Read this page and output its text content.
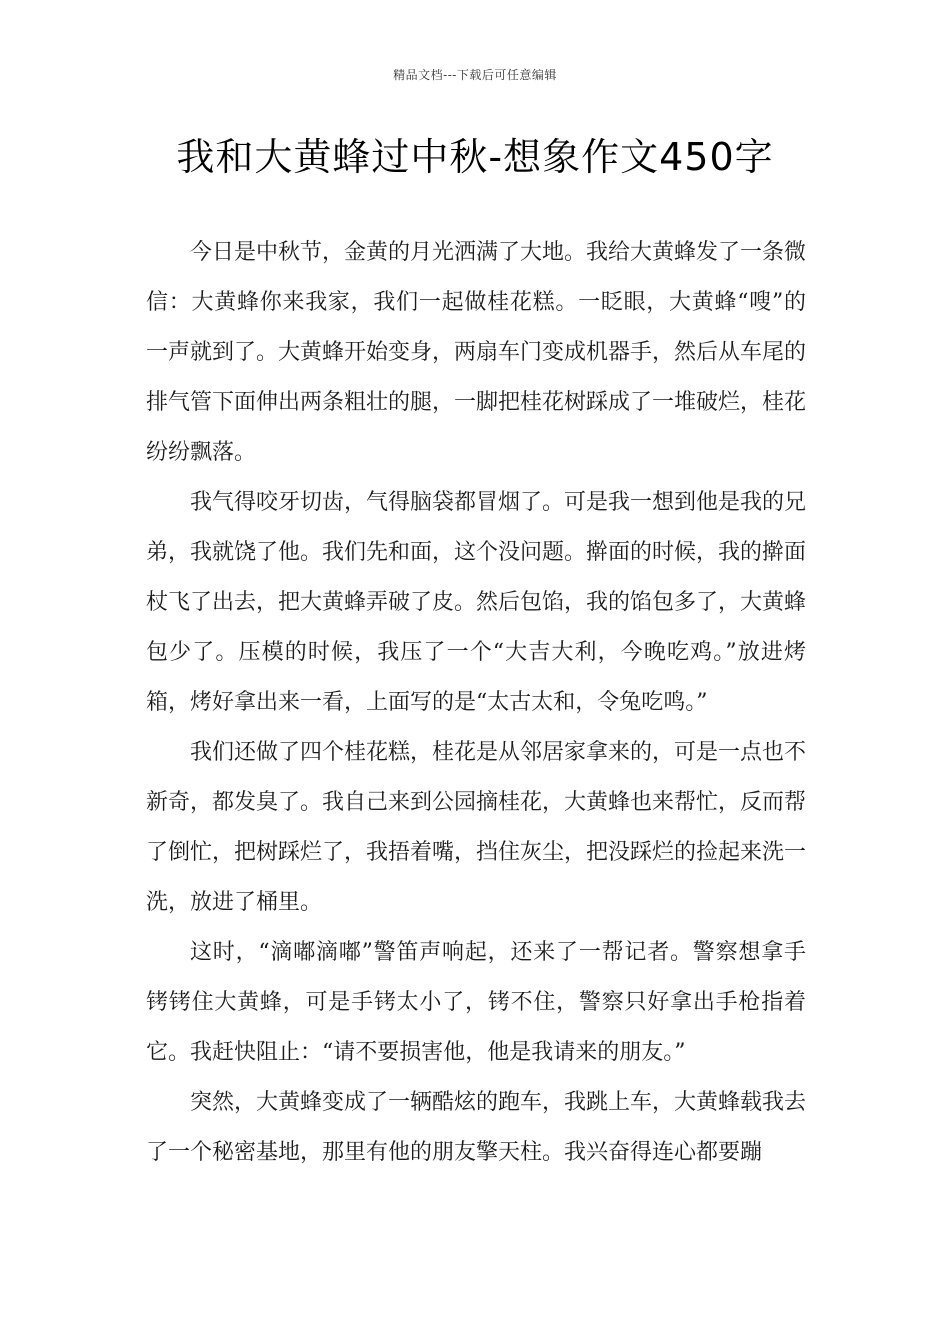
精品文档---下载后可任意编辑
我和大黄蜂过中秋-想象作文450字

今日是中秋节，金黄的月光洒满了大地。我给大黄蜂发了一条微信：大黄蜂你来我家，我们一起做桂花糕。一眨眼，大黄蜂“嗖”的一声就到了。大黄蜂开始变身，两扇车门变成机器手，然后从车尾的排气管下面伸出两条粗壮的腿，一脚把桂花树踩成了一堆破烂，桂花纷纷飘落。

我气得咬牙切齿，气得脑袋都冒烟了。可是我一想到他是我的兄弟，我就饶了他。我们先和面，这个没问题。擀面的时候，我的擀面杖飞了出去，把大黄蜂弄破了皮。然后包馅，我的馅包多了，大黄蜂包少了。压模的时候，我压了一个“大吉大利，今晚吃鸡。”放进烤箱，烤好拿出来一看，上面写的是“太古太和，令兔吃鸣。”

我们还做了四个桂花糕，桂花是从邻居家拿来的，可是一点也不新奇，都发臭了。我自己来到公园摘桂花，大黄蜂也来帮忙，反而帮了倒忙，把树踩烂了，我捂着嘴，挡住灰尘，把没踩烂的捡起来洗一洗，放进了桶里。

这时，“滴嘟滴嘟”警笛声响起，还来了一帮记者。警察想拿手铐铐住大黄蜂，可是手铐太小了，铐不住，警察只好拿出手枪指着它。我赶快阻止：“请不要损害他，他是我请来的朋友。”

突然，大黄蜂变成了一辆酷炫的跑车，我跳上车，大黄蜂载我去了一个秘密基地，那里有他的朋友擎天柱。我兴奋得连心都要蹦
